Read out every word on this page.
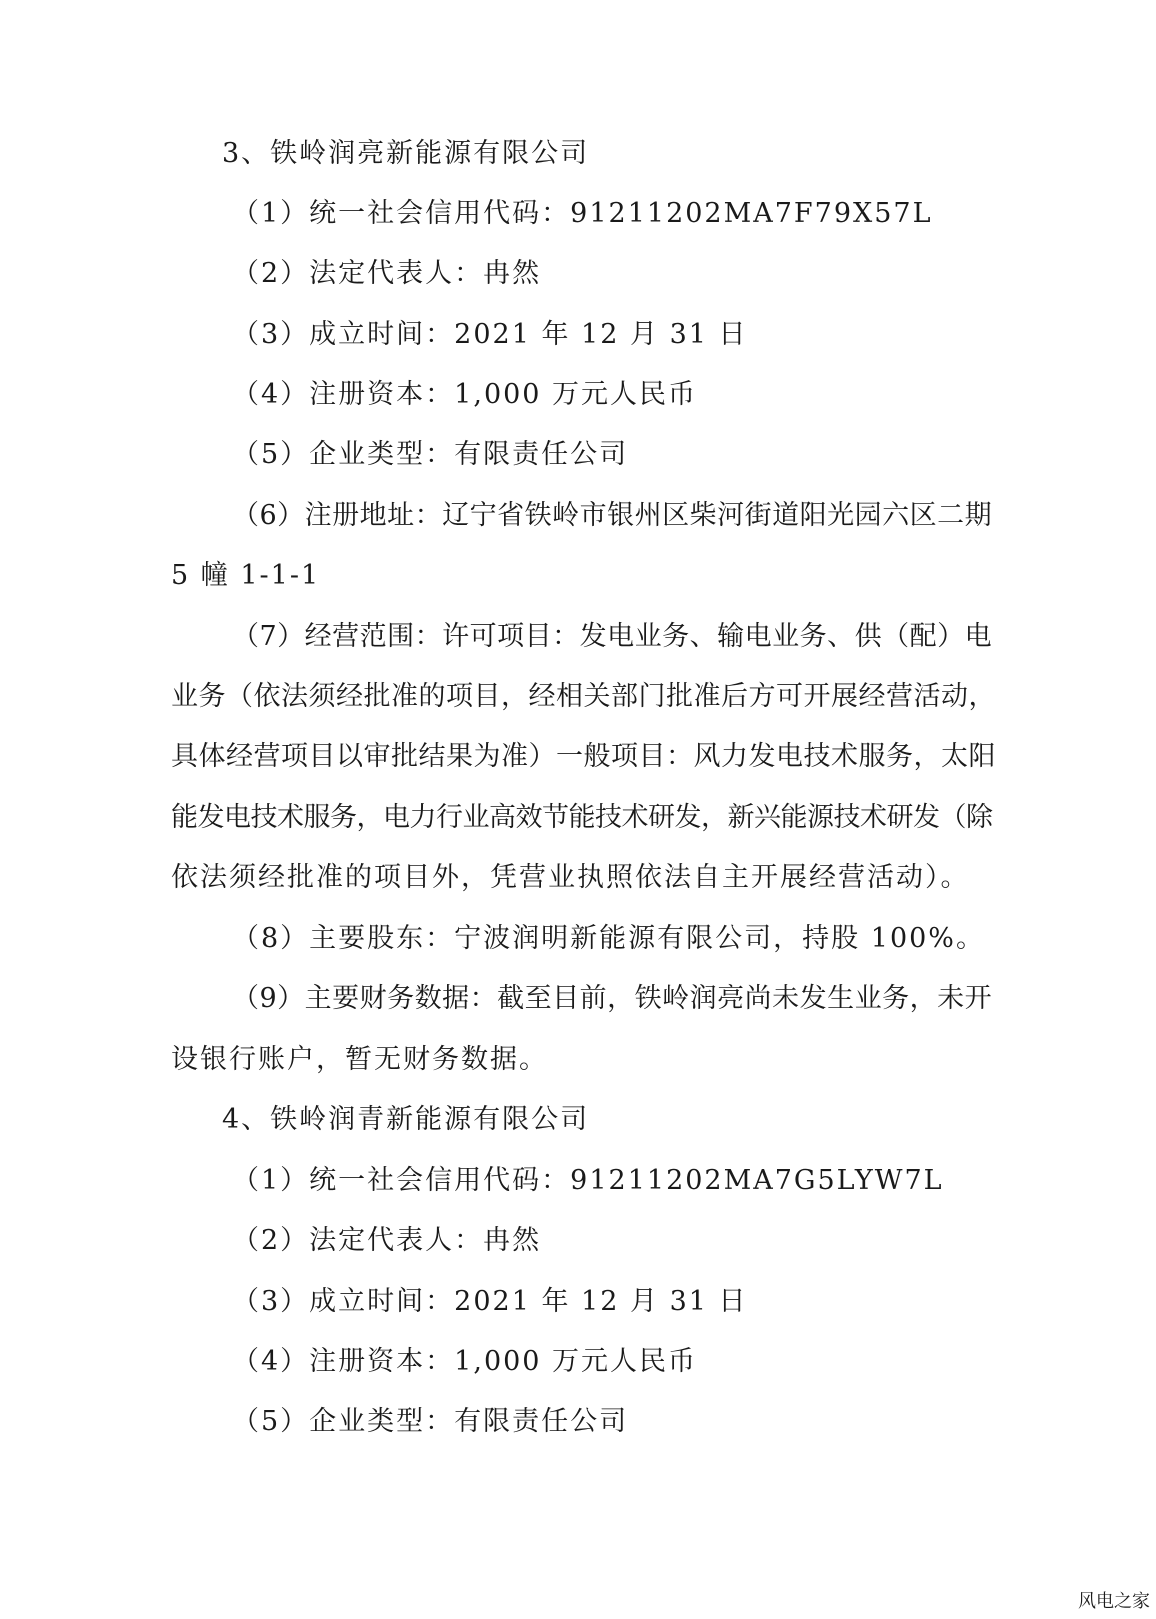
3、铁岭润亮新能源有限公司
（1）统一社会信用代码：91211202MA7F79X57L
（2）法定代表人：冉然
（3）成立时间：2021 年 12 月 31 日
（4）注册资本：1,000 万元人民币
（5）企业类型：有限责任公司
（6）注册地址：辽宁省铁岭市银州区柴河街道阳光园六区二期
5 幢 1-1-1
（7）经营范围：许可项目：发电业务、输电业务、供（配）电
业务（依法须经批准的项目，经相关部门批准后方可开展经营活动，
具体经营项目以审批结果为准）一般项目：风力发电技术服务，太阳
能发电技术服务，电力行业高效节能技术研发，新兴能源技术研发（除
依法须经批准的项目外，凭营业执照依法自主开展经营活动）。
（8）主要股东：宁波润明新能源有限公司，持股 100%。
（9）主要财务数据：截至目前，铁岭润亮尚未发生业务，未开
设银行账户，暂无财务数据。
4、铁岭润青新能源有限公司
（1）统一社会信用代码：91211202MA7G5LYW7L
（2）法定代表人：冉然
（3）成立时间：2021 年 12 月 31 日
（4）注册资本：1,000 万元人民币
（5）企业类型：有限责任公司
风电之家
